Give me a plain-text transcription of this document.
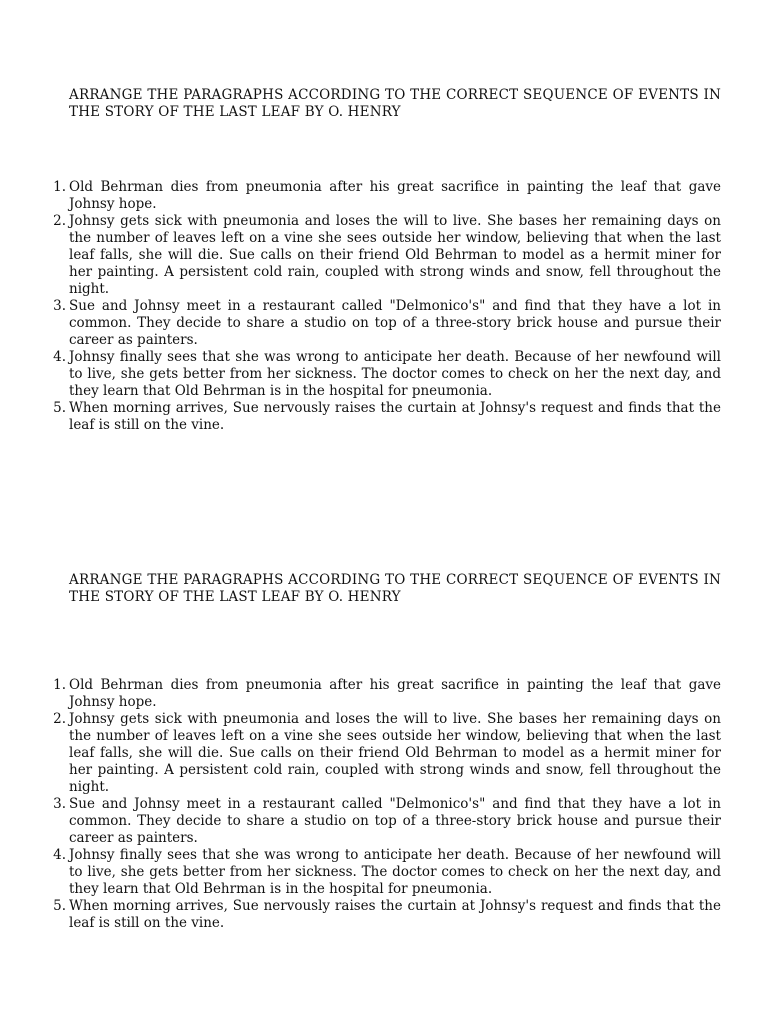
ARRANGE THE PARAGRAPHS ACCORDING TO THE CORRECT SEQUENCE OF EVENTS IN THE STORY OF THE LAST LEAF BY O. HENRY
1. Old Behrman dies from pneumonia after his great sacrifice in painting the leaf that gave Johnsy hope.
2. Johnsy gets sick with pneumonia and loses the will to live. She bases her remaining days on the number of leaves left on a vine she sees outside her window, believing that when the last leaf falls, she will die. Sue calls on their friend Old Behrman to model as a hermit miner for her painting. A persistent cold rain, coupled with strong winds and snow, fell throughout the night.
3. Sue and Johnsy meet in a restaurant called "Delmonico's" and find that they have a lot in common. They decide to share a studio on top of a three-story brick house and pursue their career as painters.
4. Johnsy finally sees that she was wrong to anticipate her death. Because of her newfound will to live, she gets better from her sickness. The doctor comes to check on her the next day, and they learn that Old Behrman is in the hospital for pneumonia.
5. When morning arrives, Sue nervously raises the curtain at Johnsy's request and finds that the leaf is still on the vine.
ARRANGE THE PARAGRAPHS ACCORDING TO THE CORRECT SEQUENCE OF EVENTS IN THE STORY OF THE LAST LEAF BY O. HENRY
1. Old Behrman dies from pneumonia after his great sacrifice in painting the leaf that gave Johnsy hope.
2. Johnsy gets sick with pneumonia and loses the will to live. She bases her remaining days on the number of leaves left on a vine she sees outside her window, believing that when the last leaf falls, she will die. Sue calls on their friend Old Behrman to model as a hermit miner for her painting. A persistent cold rain, coupled with strong winds and snow, fell throughout the night.
3. Sue and Johnsy meet in a restaurant called "Delmonico's" and find that they have a lot in common. They decide to share a studio on top of a three-story brick house and pursue their career as painters.
4. Johnsy finally sees that she was wrong to anticipate her death. Because of her newfound will to live, she gets better from her sickness. The doctor comes to check on her the next day, and they learn that Old Behrman is in the hospital for pneumonia.
5. When morning arrives, Sue nervously raises the curtain at Johnsy's request and finds that the leaf is still on the vine.
